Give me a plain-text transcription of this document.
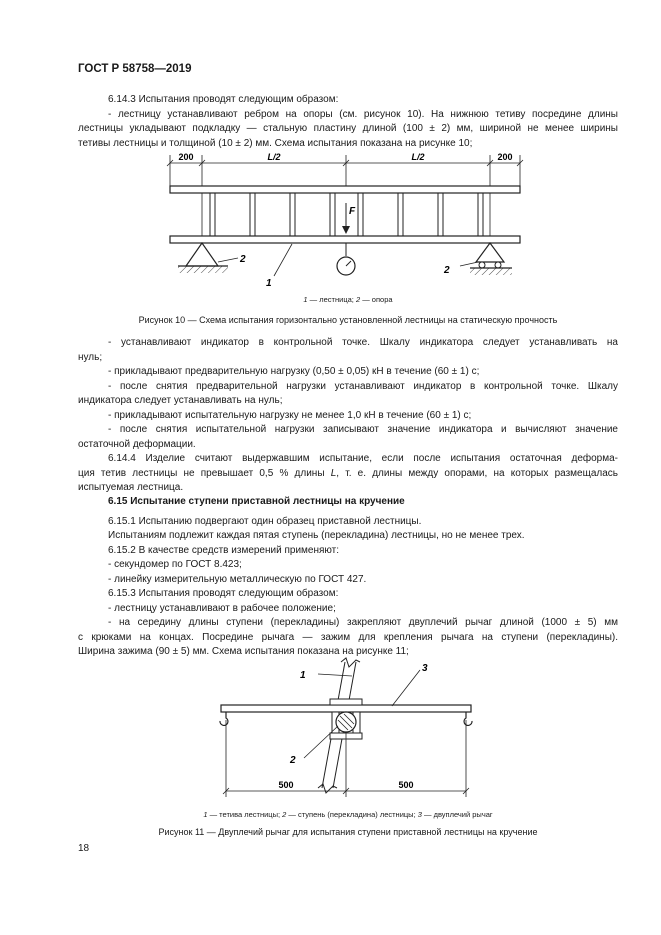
ГОСТ Р 58758—2019
6.14.3 Испытания проводят следующим образом:
- лестницу устанавливают ребром на опоры (см. рисунок 10). На нижнюю тетиву посредине длины
лестницы укладывают подкладку — стальную пластину длиной (100 ± 2) мм, шириной не менее ширины
тетивы лестницы и толщиной (10 ± 2) мм. Схема испытания показана на рисунке 10;
200	L/2	L/2	200
F
2
2
1
1 — лестница; 2 — опора
Рисунок 10 — Схема испытания горизонтально установленной лестницы на статическую прочность
- устанавливают индикатор в контрольной точке. Шкалу индикатора следует устанавливать на
нуль;
- прикладывают предварительную нагрузку (0,50 ± 0,05) кН в течение (60 ± 1) с;
- после снятия предварительной нагрузки устанавливают индикатор в контрольной точке. Шкалу
индикатора следует устанавливать на нуль;
- прикладывают испытательную нагрузку не менее 1,0 кН в течение (60 ± 1) с;
- после снятия испытательной нагрузки записывают значение индикатора и вычисляют значение
остаточной деформации.
6.14.4 Изделие считают выдержавшим испытание, если после испытания остаточная деформа-
ция тетив лестницы не превышает 0,5 % длины L, т. е. длины между опорами, на которых размещалась
испытуемая лестница.
6.15 Испытание ступени приставной лестницы на кручение
6.15.1 Испытанию подвергают один образец приставной лестницы.
Испытаниям подлежит каждая пятая ступень (перекладина) лестницы, но не менее трех.
6.15.2 В качестве средств измерений применяют:
- секундомер по ГОСТ 8.423;
- линейку измерительную металлическую по ГОСТ 427.
6.15.3 Испытания проводят следующим образом:
- лестницу устанавливают в рабочее положение;
- на середину длины ступени (перекладины) закрепляют двуплечий рычаг длиной (1000 ± 5) мм
с крюками на концах. Посредине рычага — зажим для крепления рычага на ступени (перекладины).
Ширина зажима (90 ± 5) мм. Схема испытания показана на рисунке 11;
1
3
2
500	500
1 — тетива лестницы; 2 — ступень (перекладина) лестницы; 3 — двуплечий рычаг
Рисунок 11 — Двуплечий рычаг для испытания ступени приставной лестницы на кручение
18
